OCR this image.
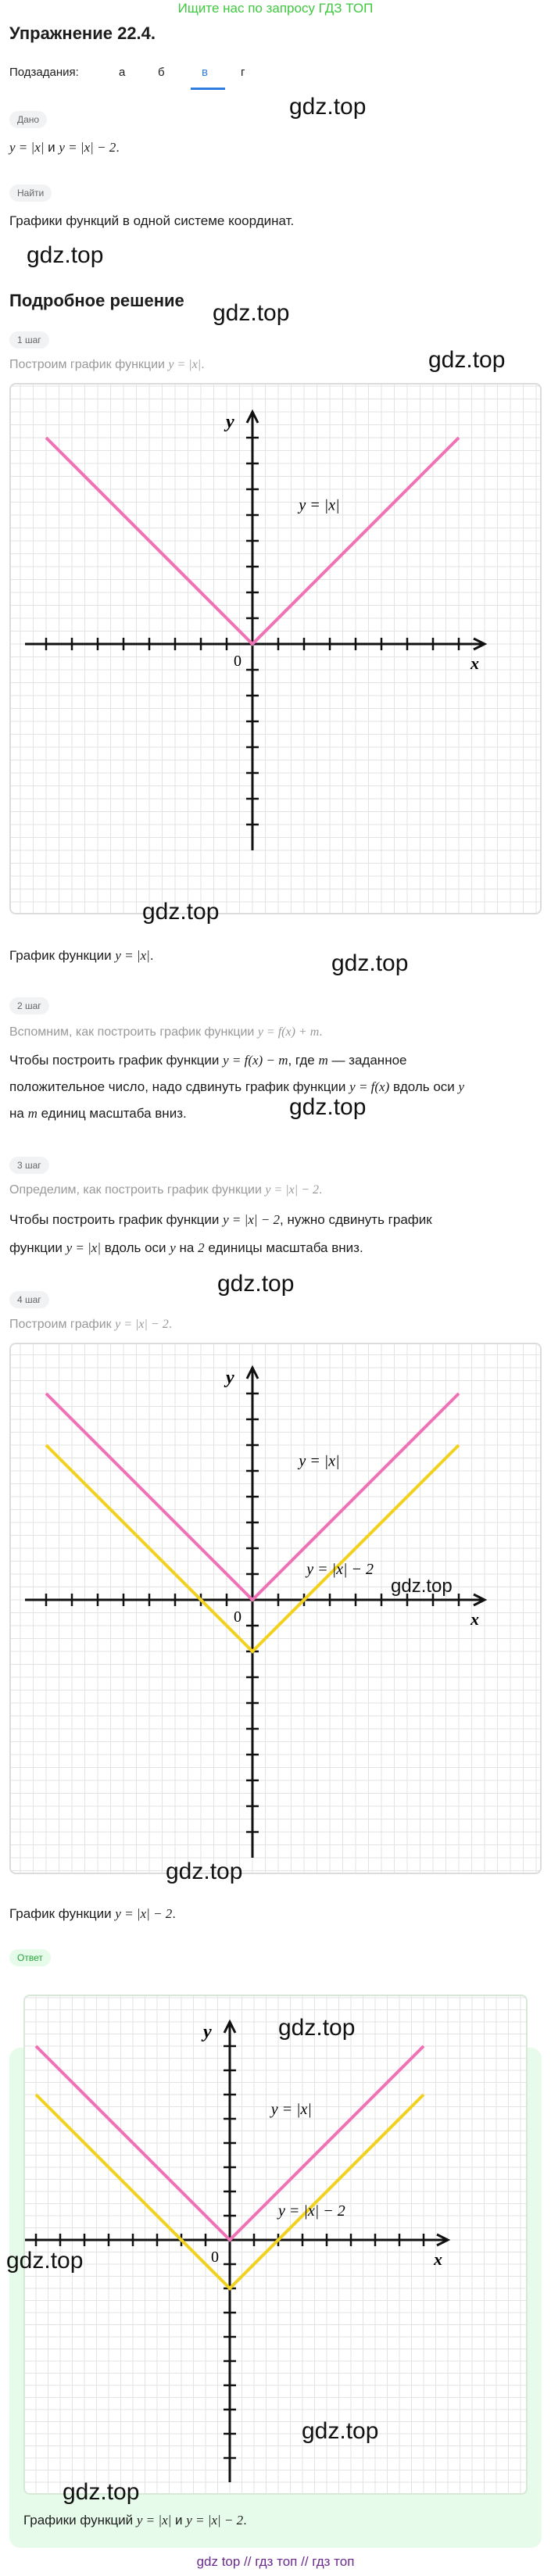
Ищите нас по запросу ГДЗ ТОП
Упражнение 22.4.
Подзадания:	а	б	в	г
Дано
y = |x| и y = |x| − 2.
Найти
Графики функций в одной системе координат.
Подробное решение
1 шаг
Построим график функции y = |x|.
x
y
0
y = |x|
График функции y = |x|.
2 шаг
Вспомним, как построить график функции y = f(x) + m.
Чтобы построить график функции y = f(x) − m, где m — заданное
положительное число, надо сдвинуть график функции y = f(x) вдоль оси y
на m единиц масштаба вниз.
3 шаг
Определим, как построить график функции y = |x| − 2.
Чтобы построить график функции y = |x| − 2, нужно сдвинуть график
функции y = |x| вдоль оси y на 2 единицы масштаба вниз.
4 шаг
Построим график y = |x| − 2.
x
y
0
y = |x|
y = |x| − 2
График функции y = |x| − 2.
Ответ
x
y
0
y = |x|
y = |x| − 2
Графики функций y = |x| и y = |x| − 2.
gdz.top
gdz.top
gdz.top
gdz.top
gdz.top
gdz.top
gdz.top
gdz.top
gdz.top
gdz.top
gdz.top
gdz.top
gdz.top
gdz.top
gdz top // гдз топ // гдз топ
